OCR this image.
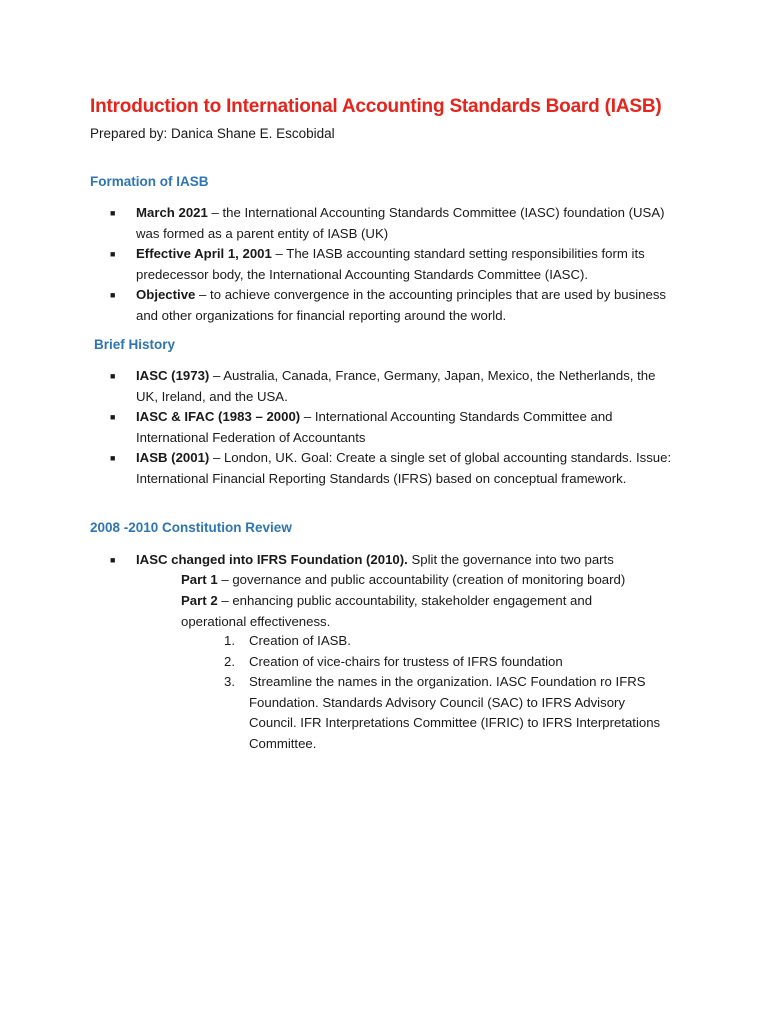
Introduction to International Accounting Standards Board (IASB)
Prepared by: Danica Shane E. Escobidal
Formation of IASB
■ March 2021 – the International Accounting Standards Committee (IASC) foundation (USA) was formed as a parent entity of IASB (UK)
■ Effective April 1, 2001 – The IASB accounting standard setting responsibilities form its predecessor body, the International Accounting Standards Committee (IASC).
■ Objective – to achieve convergence in the accounting principles that are used by business and other organizations for financial reporting around the world.
Brief History
■ IASC (1973) – Australia, Canada, France, Germany, Japan, Mexico, the Netherlands, the UK, Ireland, and the USA.
■ IASC & IFAC (1983 – 2000) – International Accounting Standards Committee and International Federation of Accountants
■ IASB (2001) – London, UK. Goal: Create a single set of global accounting standards. Issue: International Financial Reporting Standards (IFRS) based on conceptual framework.
2008 -2010 Constitution Review
■ IASC changed into IFRS Foundation (2010). Split the governance into two parts
Part 1 – governance and public accountability (creation of monitoring board)
Part 2 – enhancing public accountability, stakeholder engagement and operational effectiveness.
1. Creation of IASB.
2. Creation of vice-chairs for trustess of IFRS foundation
3. Streamline the names in the organization. IASC Foundation ro IFRS Foundation. Standards Advisory Council (SAC) to IFRS Advisory Council. IFR Interpretations Committee (IFRIC) to IFRS Interpretations Committee.
